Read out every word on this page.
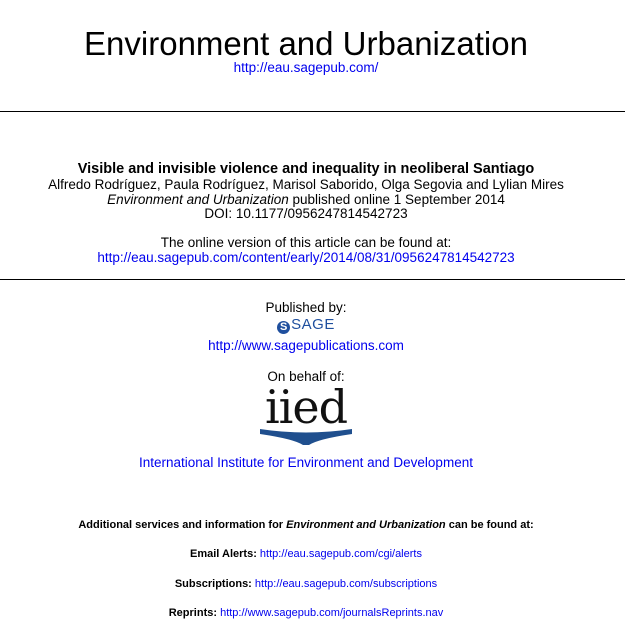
Environment and Urbanization
http://eau.sagepub.com/
Visible and invisible violence and inequality in neoliberal Santiago
Alfredo Rodríguez, Paula Rodríguez, Marisol Saborido, Olga Segovia and Lylian Mires
Environment and Urbanization published online 1 September 2014
DOI: 10.1177/0956247814542723
The online version of this article can be found at:
http://eau.sagepub.com/content/early/2014/08/31/0956247814542723
Published by:
S SAGE
http://www.sagepublications.com
On behalf of:
iied
International Institute for Environment and Development
Additional services and information for Environment and Urbanization can be found at:
Email Alerts: http://eau.sagepub.com/cgi/alerts
Subscriptions: http://eau.sagepub.com/subscriptions
Reprints: http://www.sagepub.com/journalsReprints.nav
